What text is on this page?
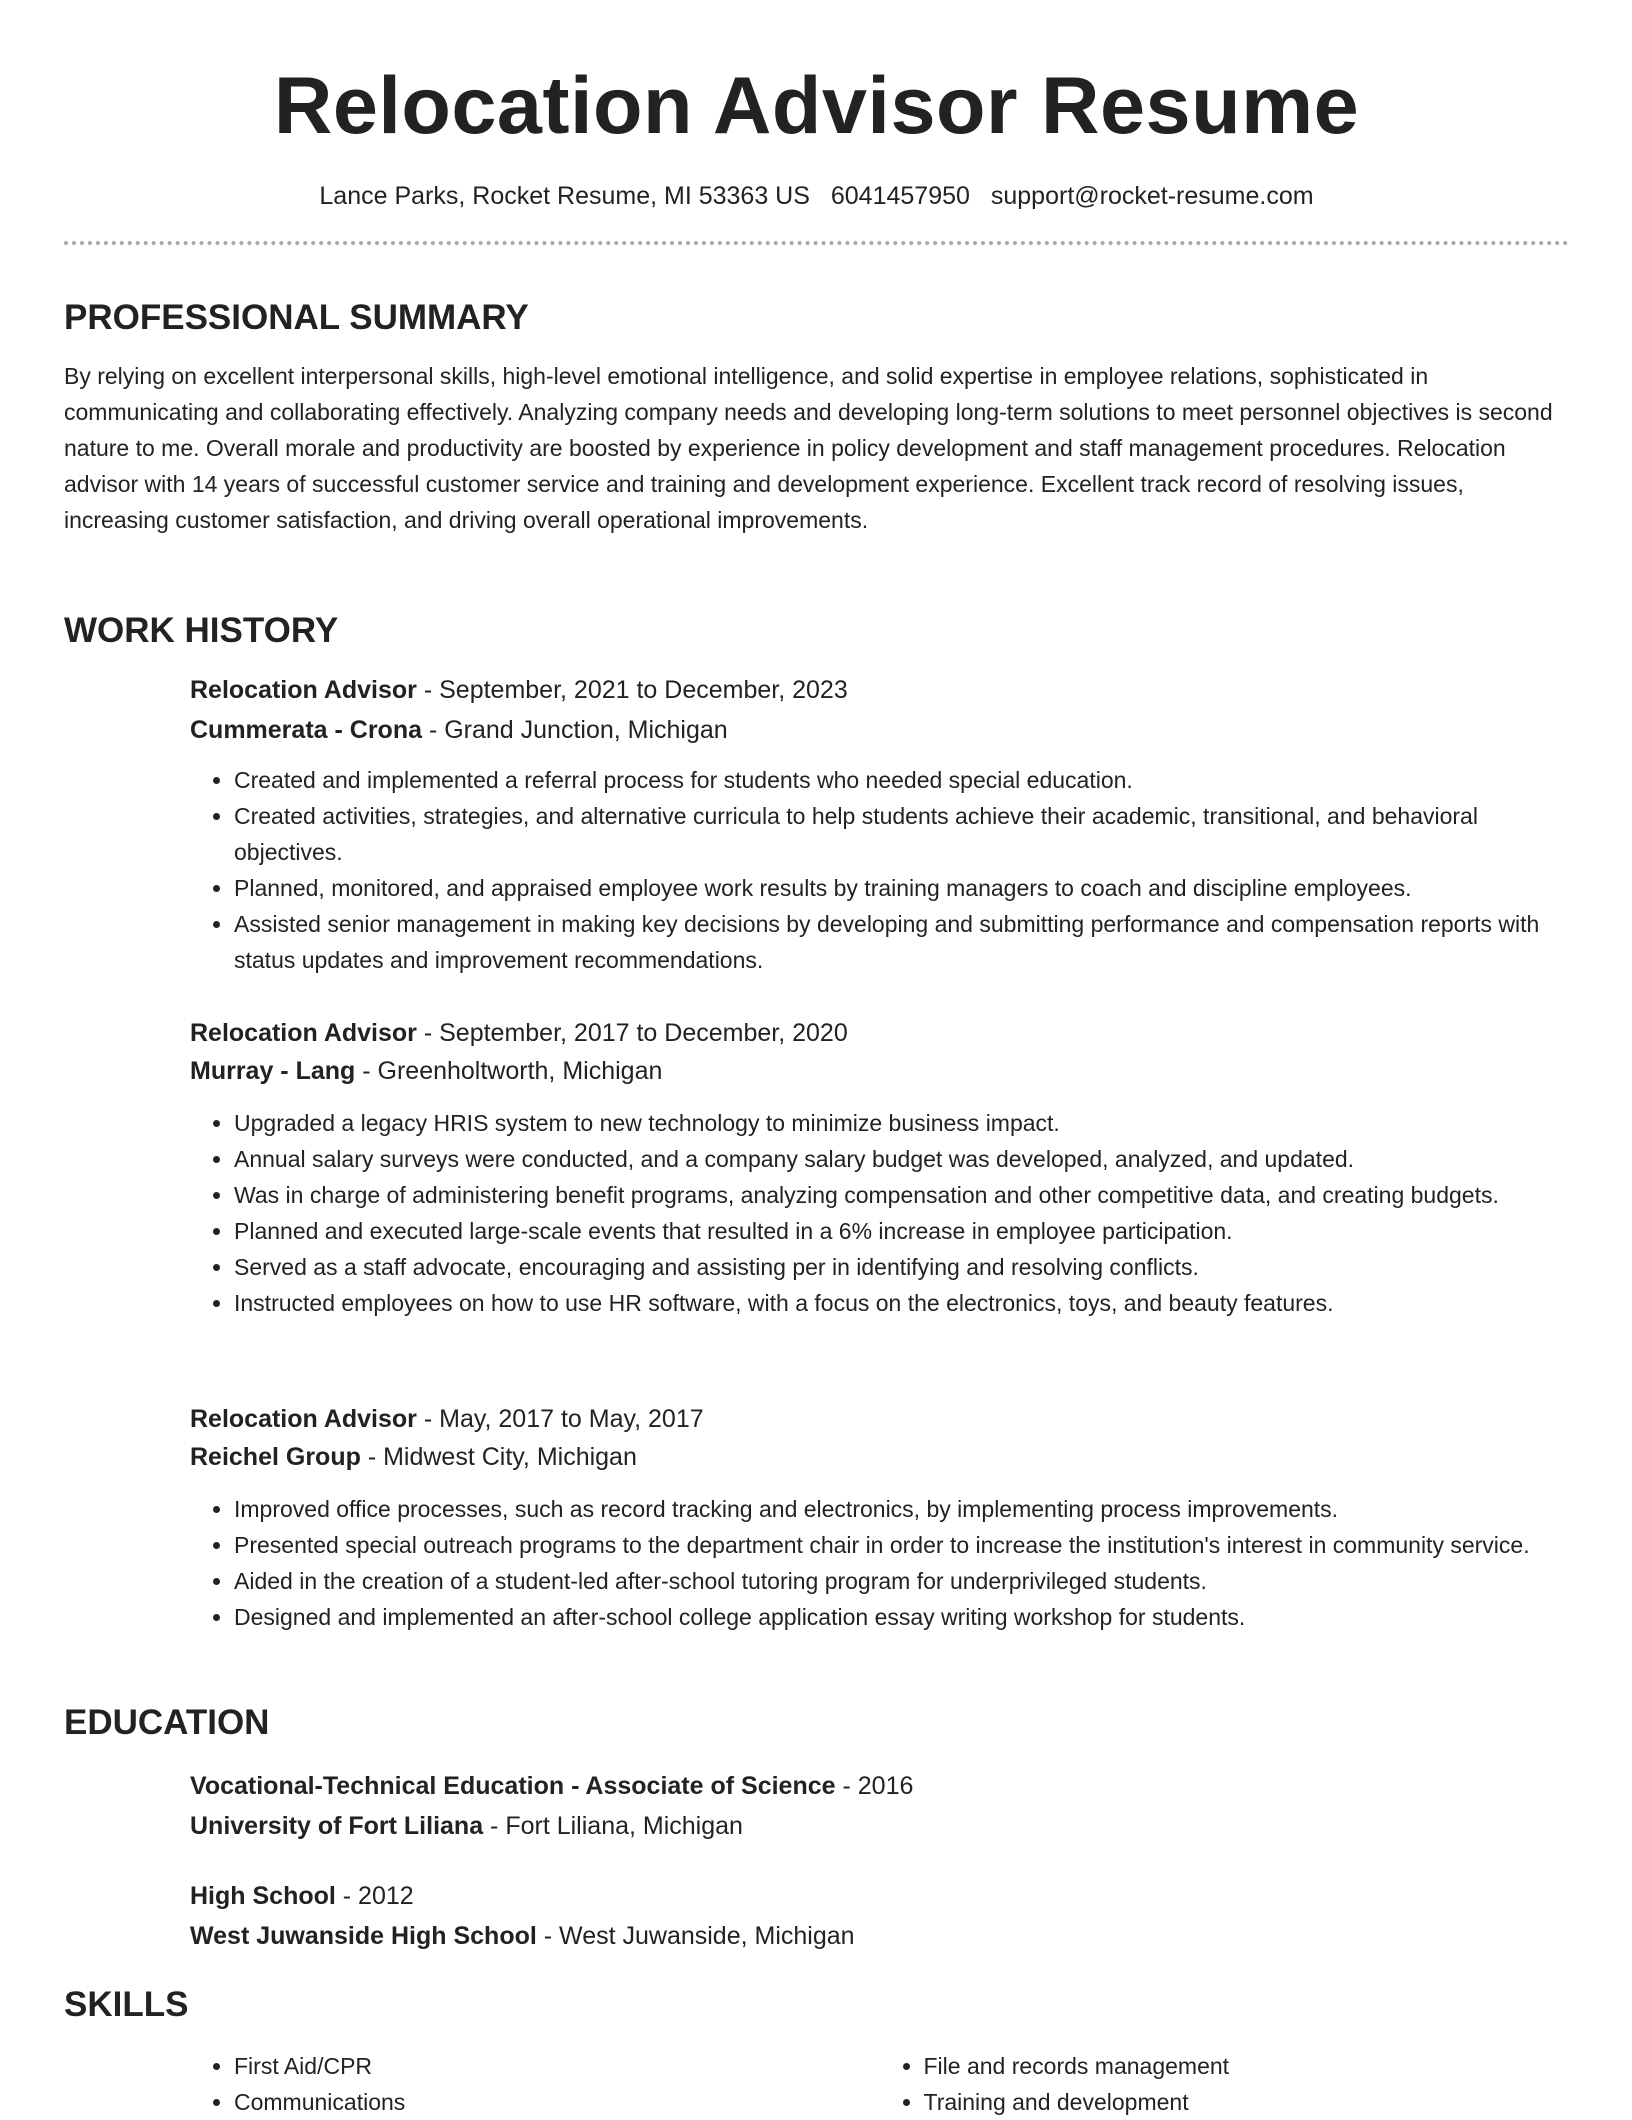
Relocation Advisor Resume
Lance Parks, Rocket Resume, MI 53363 US 6041457950 support@rocket-resume.com
PROFESSIONAL SUMMARY

By relying on excellent interpersonal skills, high-level emotional intelligence, and solid expertise in employee relations, sophisticated in communicating and collaborating effectively. Analyzing company needs and developing long-term solutions to meet personnel objectives is second nature to me. Overall morale and productivity are boosted by experience in policy development and staff management procedures. Relocation advisor with 14 years of successful customer service and training and development experience. Excellent track record of resolving issues, increasing customer satisfaction, and driving overall operational improvements.

WORK HISTORY

Relocation Advisor - September, 2021 to December, 2023

Cummerata - Crona - Grand Junction, Michigan

• Created and implemented a referral process for students who needed special education.
• Created activities, strategies, and alternative curricula to help students achieve their academic, transitional, and behavioral objectives.
• Planned, monitored, and appraised employee work results by training managers to coach and discipline employees.
• Assisted senior management in making key decisions by developing and submitting performance and compensation reports with status updates and improvement recommendations.

Relocation Advisor - September, 2017 to December, 2020

Murray - Lang - Greenholtworth, Michigan

• Upgraded a legacy HRIS system to new technology to minimize business impact.
• Annual salary surveys were conducted, and a company salary budget was developed, analyzed, and updated.
• Was in charge of administering benefit programs, analyzing compensation and other competitive data, and creating budgets.
• Planned and executed large-scale events that resulted in a 6% increase in employee participation.
• Served as a staff advocate, encouraging and assisting per in identifying and resolving conflicts.
• Instructed employees on how to use HR software, with a focus on the electronics, toys, and beauty features.

Relocation Advisor - May, 2017 to May, 2017

Reichel Group - Midwest City, Michigan

• Improved office processes, such as record tracking and electronics, by implementing process improvements.
• Presented special outreach programs to the department chair in order to increase the institution's interest in community service.
• Aided in the creation of a student-led after-school tutoring program for underprivileged students.
• Designed and implemented an after-school college application essay writing workshop for students.
EDUCATION

Vocational-Technical Education - Associate of Science - 2016

University of Fort Liliana - Fort Liliana, Michigan

High School - 2012

West Juwanside High School - West Juwanside, Michigan

SKILLS
• First Aid/CPR
• Communications
• File and records management
• Training and development
